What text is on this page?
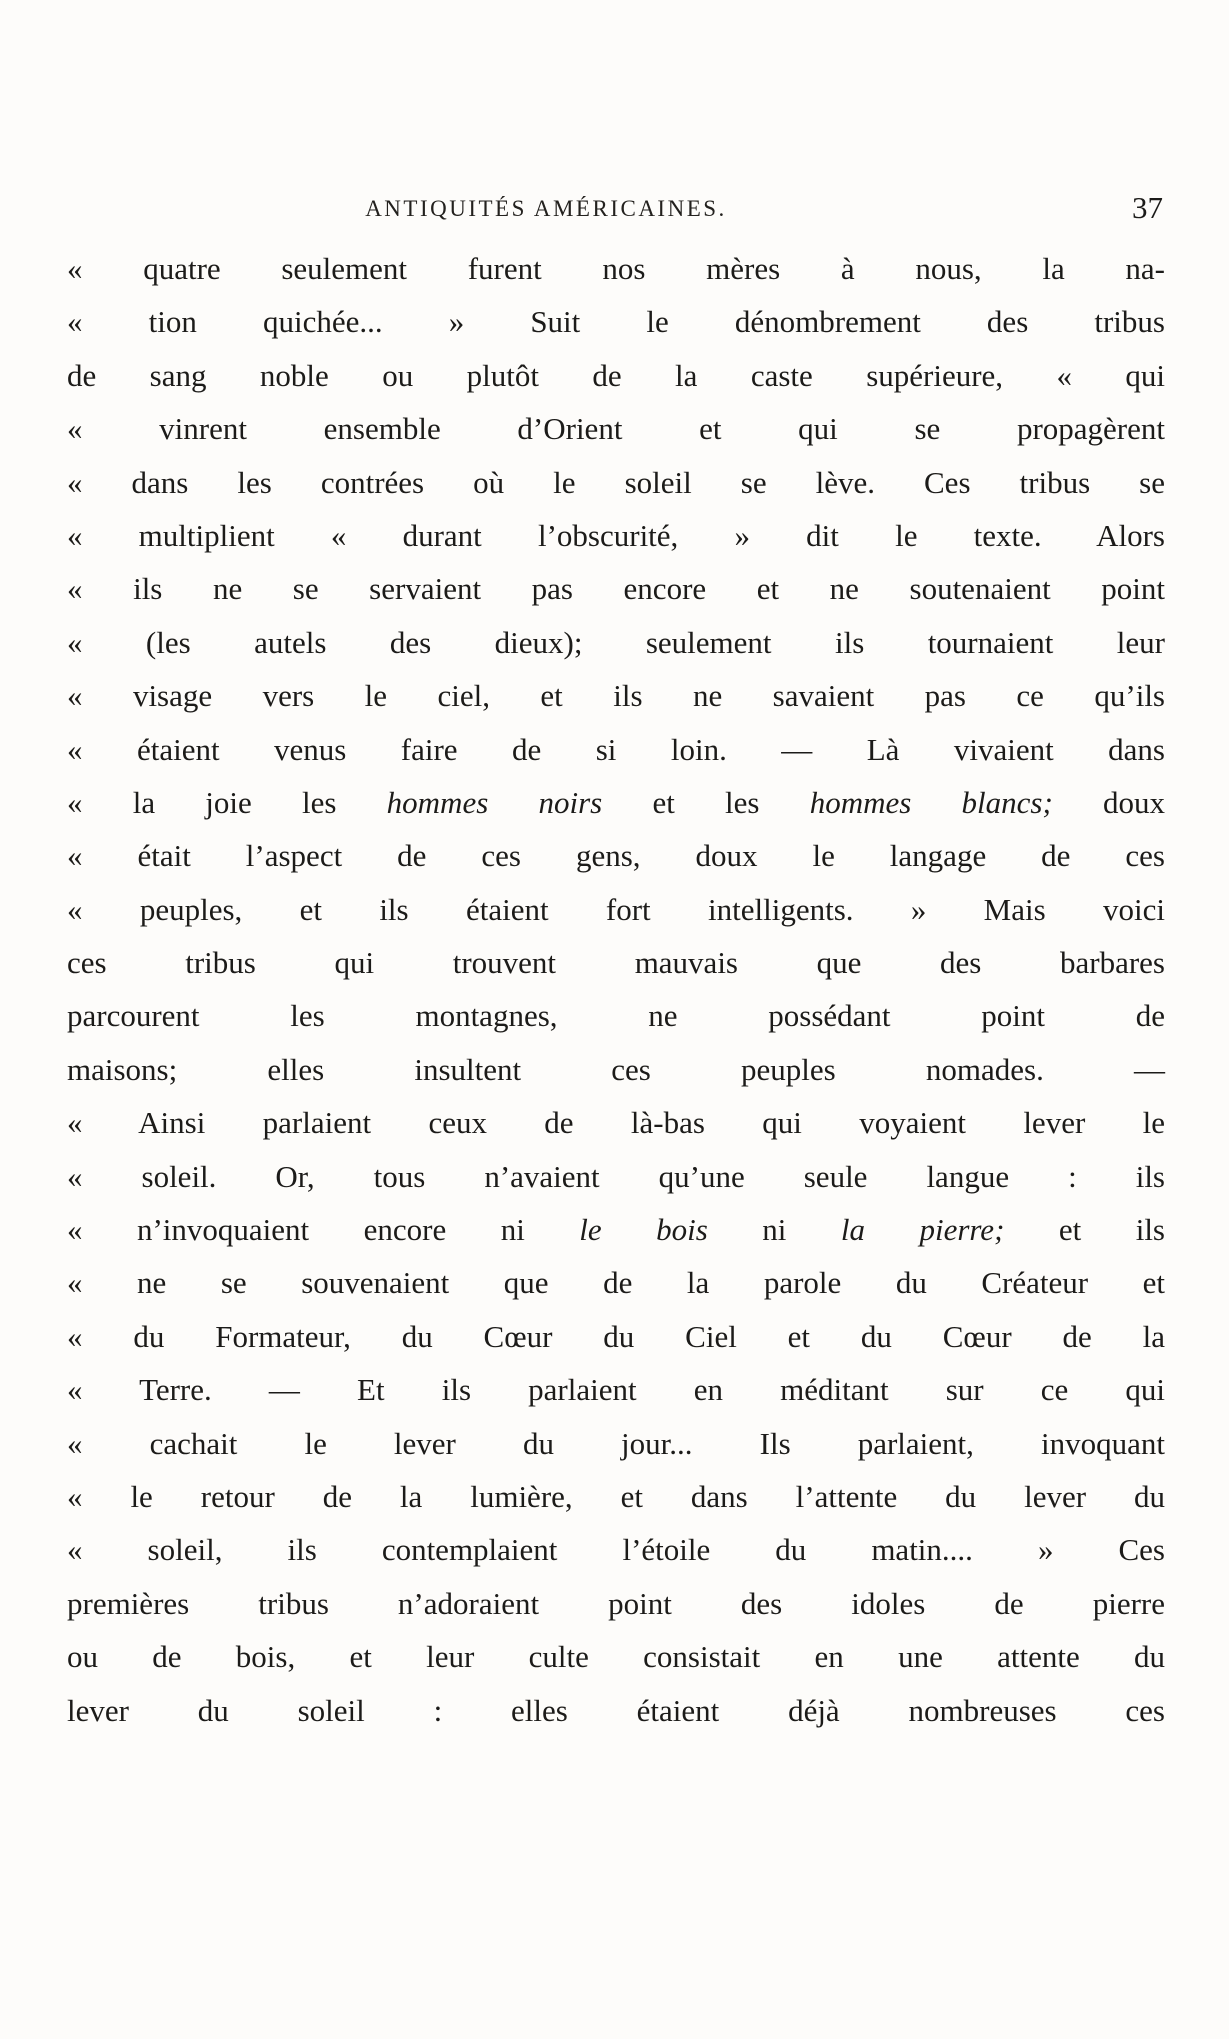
ANTIQUITÉS AMÉRICAINES.	37
« quatre seulement furent nos mères à nous, la na-
« tion quichée... » Suit le dénombrement des tribus
de sang noble ou plutôt de la caste supérieure, « qui
« vinrent ensemble d’Orient et qui se propagèrent
« dans les contrées où le soleil se lève. Ces tribus se
« multiplient « durant l’obscurité, » dit le texte. Alors
« ils ne se servaient pas encore et ne soutenaient point
« (les autels des dieux); seulement ils tournaient leur
« visage vers le ciel, et ils ne savaient pas ce qu’ils
« étaient venus faire de si loin. — Là vivaient dans
« la joie les hommes noirs et les hommes blancs; doux
« était l’aspect de ces gens, doux le langage de ces
« peuples, et ils étaient fort intelligents. » Mais voici
ces tribus qui trouvent mauvais que des barbares
parcourent les montagnes, ne possédant point de
maisons; elles insultent ces peuples nomades. —
« Ainsi parlaient ceux de là-bas qui voyaient lever le
« soleil. Or, tous n’avaient qu’une seule langue : ils
« n’invoquaient encore ni le bois ni la pierre; et ils
« ne se souvenaient que de la parole du Créateur et
« du Formateur, du Cœur du Ciel et du Cœur de la
« Terre. — Et ils parlaient en méditant sur ce qui
« cachait le lever du jour... Ils parlaient, invoquant
« le retour de la lumière, et dans l’attente du lever du
« soleil, ils contemplaient l’étoile du matin.... » Ces
premières tribus n’adoraient point des idoles de pierre
ou de bois, et leur culte consistait en une attente du
lever du soleil : elles étaient déjà nombreuses ces
